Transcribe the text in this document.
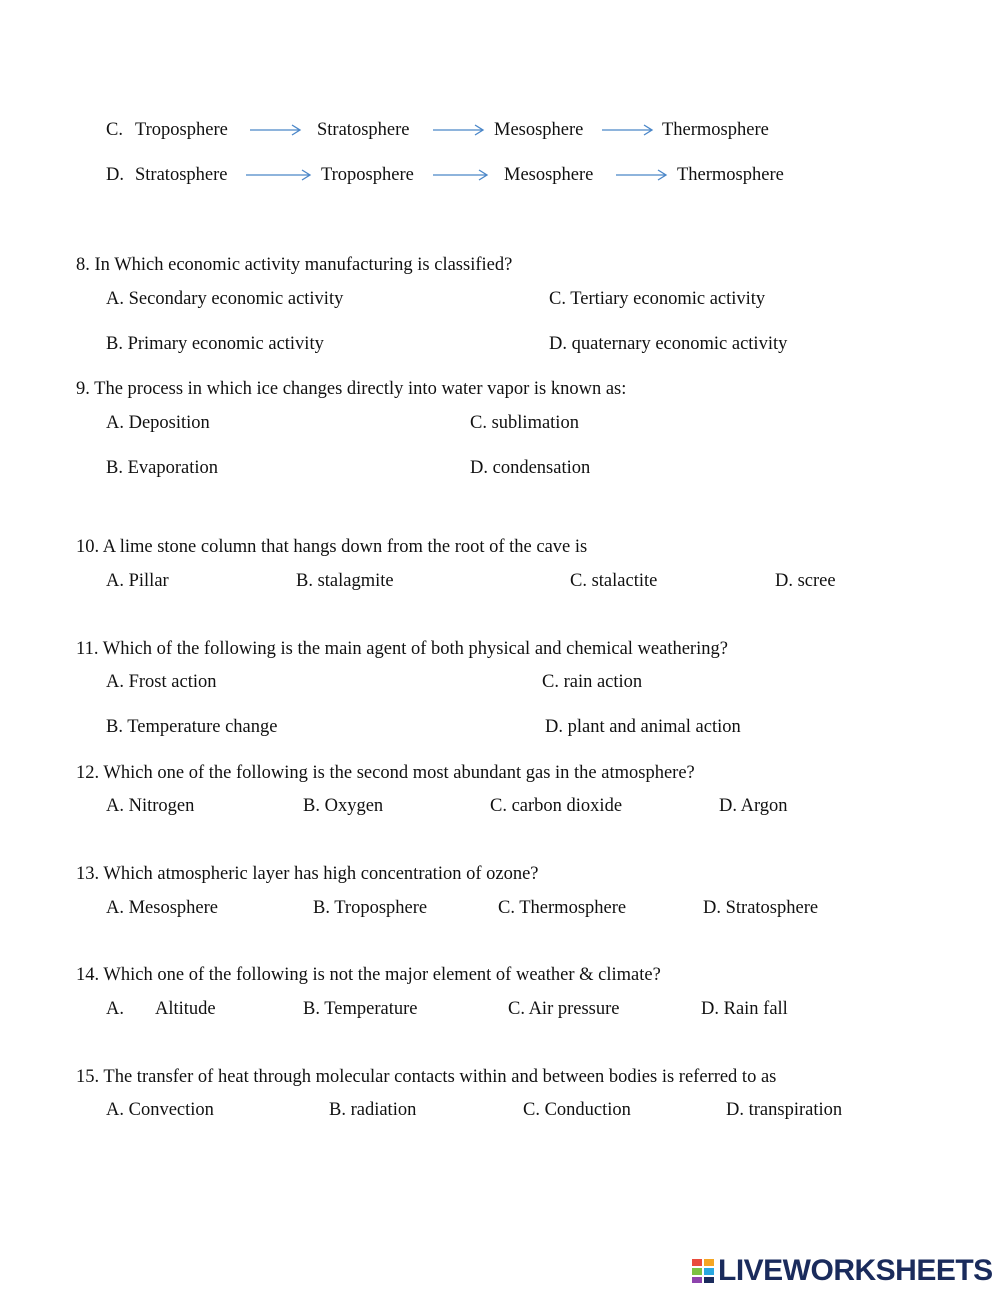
C. Troposphere	Stratosphere	Mesosphere	Thermosphere
D. Stratosphere	Troposphere	Mesosphere	Thermosphere
8. In Which economic activity manufacturing is classified?
A. Secondary economic activity	C. Tertiary economic activity
B. Primary economic activity	D. quaternary economic activity
9. The process in which ice changes directly into water vapor is known as:
A. Deposition	C. sublimation
B. Evaporation	D. condensation
10. A lime stone column that hangs down from the root of the cave is
A. Pillar	B. stalagmite	C. stalactite	D. scree
11. Which of the following is the main agent of both physical and chemical weathering?
A. Frost action	C. rain action
B. Temperature change	D. plant and animal action
12. Which one of the following is the second most abundant gas in the atmosphere?
A. Nitrogen	B. Oxygen	C. carbon dioxide	D. Argon
13. Which atmospheric layer has high concentration of ozone?
A. Mesosphere	B. Troposphere	C. Thermosphere	D. Stratosphere
14. Which one of the following is not the major element of weather & climate?
A. Altitude	B. Temperature	C. Air pressure	D. Rain fall
15. The transfer of heat through molecular contacts within and between bodies is referred to as
A. Convection	B. radiation	C. Conduction	D. transpiration
LIVEWORKSHEETS
